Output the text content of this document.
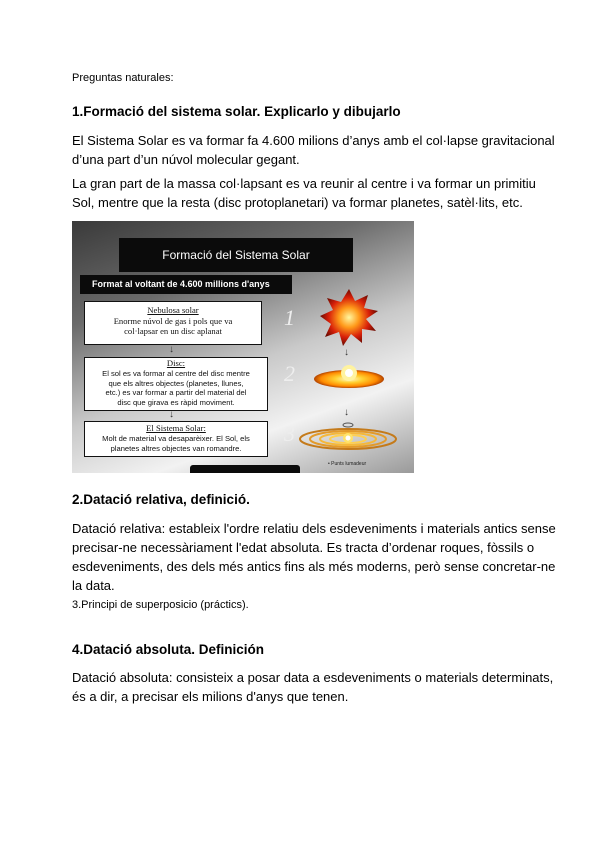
Preguntas naturales:
1.Formació del sistema solar. Explicarlo y dibujarlo
El Sistema Solar es va formar fa 4.600 milions d’anys amb el col·lapse gravitacional
d’una part d’un núvol molecular gegant.
La gran part de la massa col·lapsant es va reunir al centre i va formar un primitiu
Sol, mentre que la resta (disc protoplanetari) va formar planetes, satèl·lits, etc.
Formació del Sistema Solar
Format al voltant de 4.600 millions d'anys
Nebulosa solar
Enorme núvol de gas i pols que va
col·lapsar en un disc aplanat
↓
Disc:
El sol es va formar al centre del disc mentre
que els altres objectes (planetes, llunes,
etc.) es var formar a partir del material del
disc que girava es ràpid moviment.
↓
El Sistema Solar:
Molt de material va desaparèixer. El Sol, els
planetes altres objectes van romandre.
1
2
3
↓
↓
• Punts lumadeur
2.Datació relativa, definició.
Datació relativa: estableix l'ordre relatiu dels esdeveniments i materials antics sense
precisar-ne necessàriament l'edat absoluta. Es tracta d’ordenar roques, fòssils o
esdeveniments, des dels més antics fins als més moderns, però sense concretar-ne
la data.
3.Principi de superposicio (práctics).
4.Datació absoluta. Definición
Datació absoluta: consisteix a posar data a esdeveniments o materials determinats,
és a dir, a precisar els milions d'anys que tenen.
